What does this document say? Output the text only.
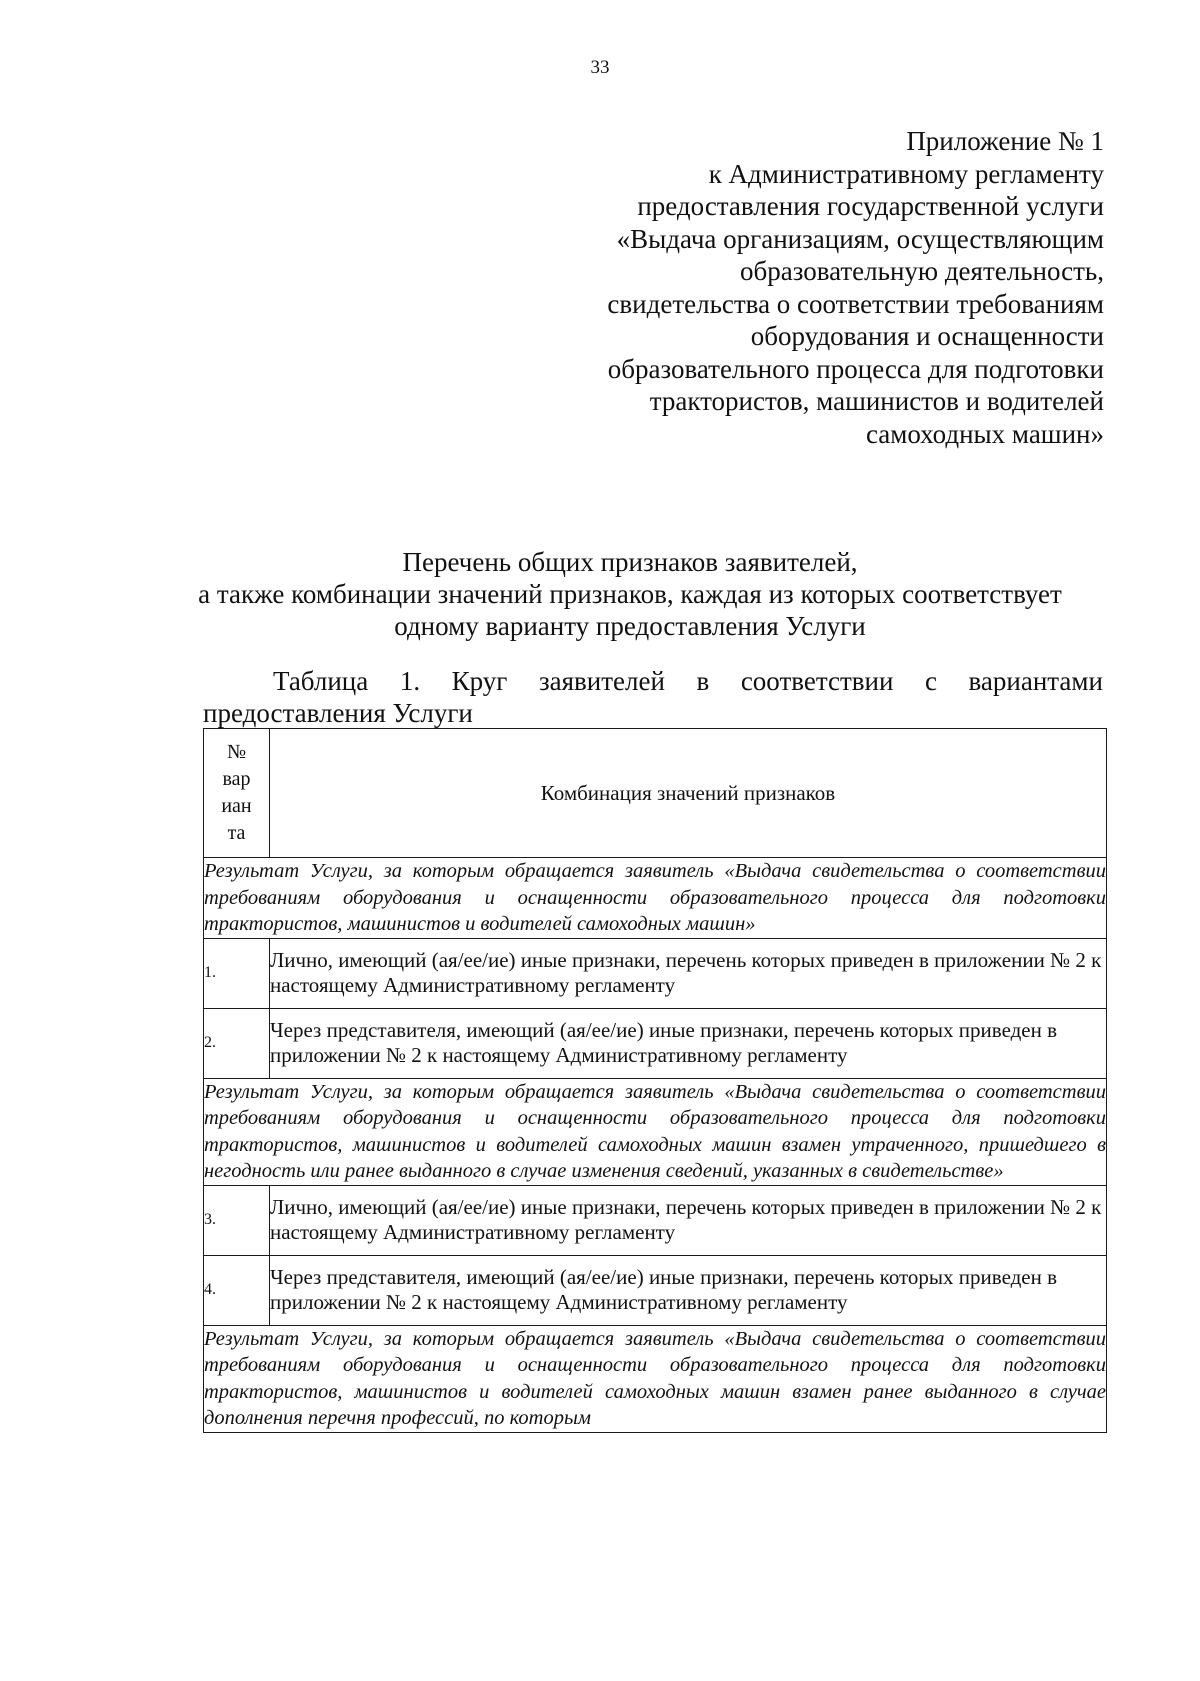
33
Приложение № 1
к Административному регламенту
предоставления государственной услуги
«Выдача организациям, осуществляющим
образовательную деятельность,
свидетельства о соответствии требованиям
оборудования и оснащенности
образовательного процесса для подготовки
трактористов, машинистов и водителей
самоходных машин»
Перечень общих признаков заявителей,
а также комбинации значений признаков, каждая из которых соответствует
одному варианту предоставления Услуги
Таблица 1. Круг заявителей в соответствии с вариантами
предоставления Услуги
№
вар
иан
та	Комбинация значений признаков
Результат Услуги, за которым обращается заявитель «Выдача свидетельства о соответствии требованиям оборудования и оснащенности образовательного процесса для подготовки трактористов, машинистов и водителей самоходных машин»	
1.	Лично, имеющий (ая/ее/ие) иные признаки, перечень которых приведен в приложении № 2 к настоящему Административному регламенту
2.	Через представителя, имеющий (ая/ее/ие) иные признаки, перечень которых приведен в приложении № 2 к настоящему Административному регламенту
Результат Услуги, за которым обращается заявитель «Выдача свидетельства о соответствии требованиям оборудования и оснащенности образовательного процесса для подготовки трактористов, машинистов и водителей самоходных машин взамен утраченного, пришедшего в негодность или ранее выданного в случае изменения сведений, указанных в свидетельстве»	
3.	Лично, имеющий (ая/ее/ие) иные признаки, перечень которых приведен в приложении № 2 к настоящему Административному регламенту
4.	Через представителя, имеющий (ая/ее/ие) иные признаки, перечень которых приведен в приложении № 2 к настоящему Административному регламенту
Результат Услуги, за которым обращается заявитель «Выдача свидетельства о соответствии требованиям оборудования и оснащенности образовательного процесса для подготовки трактористов, машинистов и водителей самоходных машин взамен ранее выданного в случае дополнения перечня профессий, по которым	
